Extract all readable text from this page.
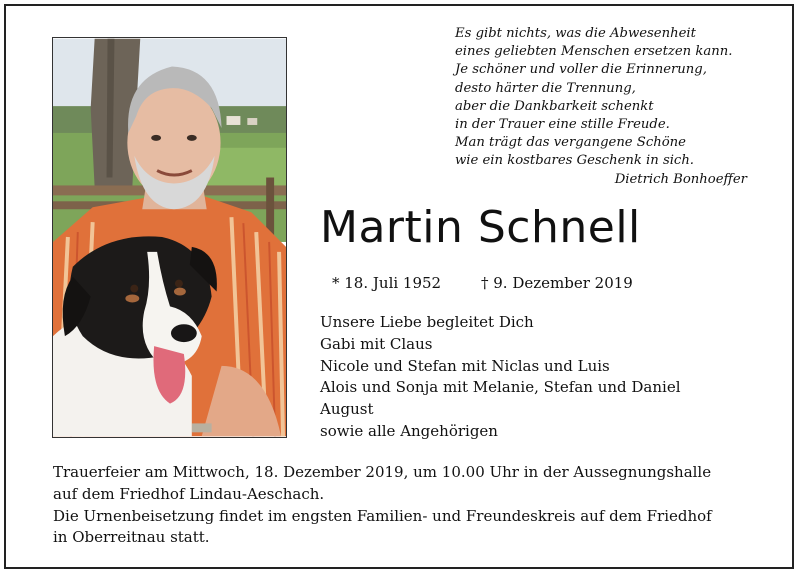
Es gibt nichts, was die Abwesenheit
eines geliebten Menschen ersetzen kann.
Je schöner und voller die Erinnerung,
desto härter die Trennung,
aber die Dankbarkeit schenkt
in der Trauer eine stille Freude.
Man trägt das vergangene Schöne
wie ein kostbares Geschenk in sich.
Dietrich Bonhoeffer
Martin Schnell
* 18. Juli 1952	† 9. Dezember 2019
Unsere Liebe begleitet Dich
Gabi mit Claus
Nicole und Stefan mit Niclas und Luis
Alois und Sonja mit Melanie, Stefan und Daniel
August
sowie alle Angehörigen
Trauerfeier am Mittwoch, 18. Dezember 2019, um 10.00 Uhr in der Aussegnungshalle
auf dem Friedhof Lindau-Aeschach.
Die Urnenbeisetzung findet im engsten Familien- und Freundeskreis auf dem Friedhof
in Oberreitnau statt.
